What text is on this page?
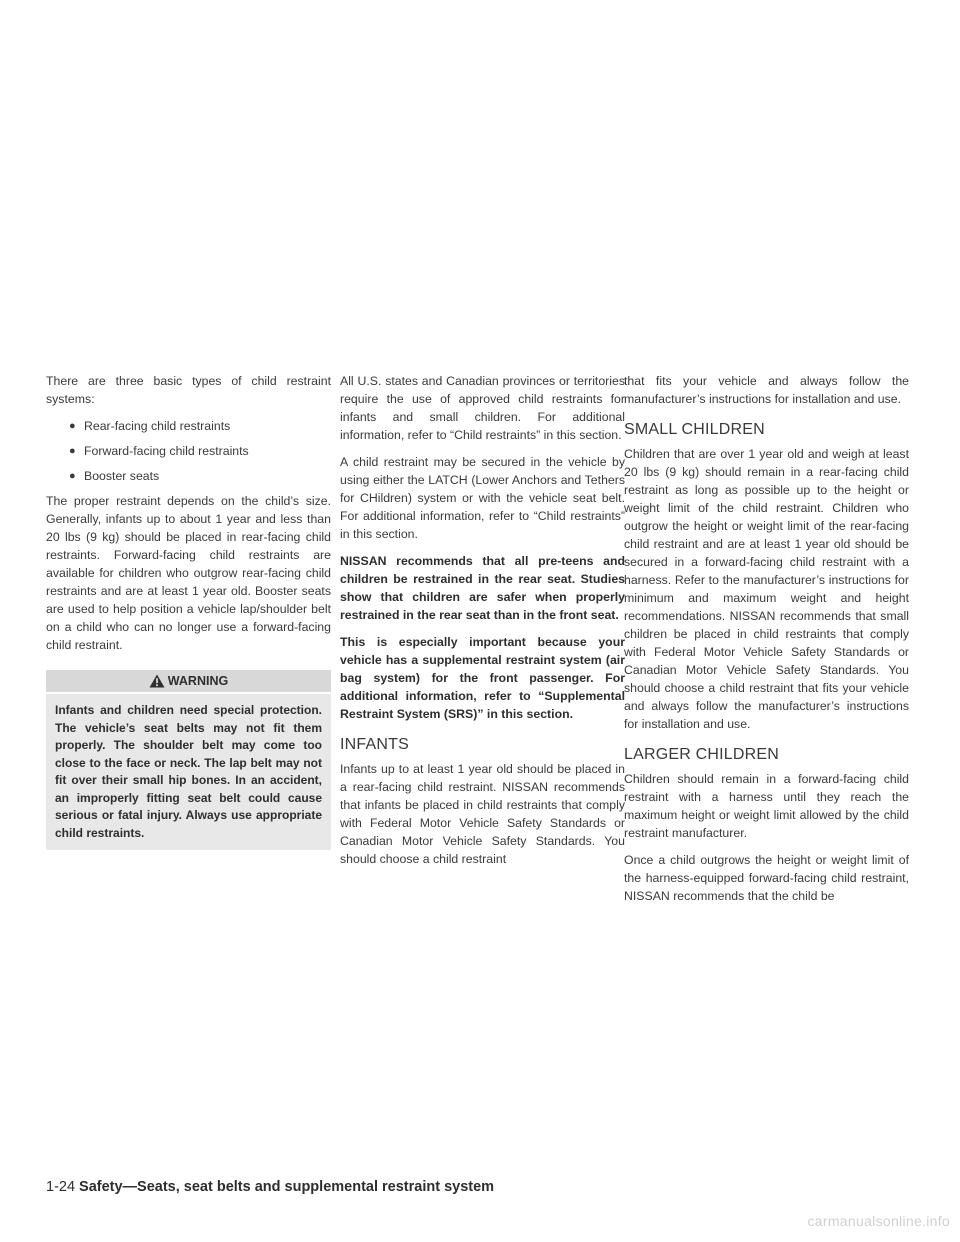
There are three basic types of child restraint systems:

● Rear-facing child restraints
● Forward-facing child restraints
● Booster seats

The proper restraint depends on the child’s size. Generally, infants up to about 1 year and less than 20 lbs (9 kg) should be placed in rear-facing child restraints. Forward-facing child restraints are available for children who outgrow rear-facing child restraints and are at least 1 year old. Booster seats are used to help position a vehicle lap/shoulder belt on a child who can no longer use a forward-facing child restraint.

WARNING
Infants and children need special protection. The vehicle’s seat belts may not fit them properly. The shoulder belt may come too close to the face or neck. The lap belt may not fit over their small hip bones. In an accident, an improperly fitting seat belt could cause serious or fatal injury. Always use appropriate child restraints.

All U.S. states and Canadian provinces or territories require the use of approved child restraints for infants and small children. For additional information, refer to “Child restraints” in this section.

A child restraint may be secured in the vehicle by using either the LATCH (Lower Anchors and Tethers for CHildren) system or with the vehicle seat belt. For additional information, refer to “Child restraints” in this section.

NISSAN recommends that all pre-teens and children be restrained in the rear seat. Studies show that children are safer when properly restrained in the rear seat than in the front seat.

This is especially important because your vehicle has a supplemental restraint system (air bag system) for the front passenger. For additional information, refer to “Supplemental Restraint System (SRS)” in this section.

INFANTS

Infants up to at least 1 year old should be placed in a rear-facing child restraint. NISSAN recommends that infants be placed in child restraints that comply with Federal Motor Vehicle Safety Standards or Canadian Motor Vehicle Safety Standards. You should choose a child restraint

that fits your vehicle and always follow the manufacturer’s instructions for installation and use.

SMALL CHILDREN

Children that are over 1 year old and weigh at least 20 lbs (9 kg) should remain in a rear-facing child restraint as long as possible up to the height or weight limit of the child restraint. Children who outgrow the height or weight limit of the rear-facing child restraint and are at least 1 year old should be secured in a forward-facing child restraint with a harness. Refer to the manufacturer’s instructions for minimum and maximum weight and height recommendations. NISSAN recommends that small children be placed in child restraints that comply with Federal Motor Vehicle Safety Standards or Canadian Motor Vehicle Safety Standards. You should choose a child restraint that fits your vehicle and always follow the manufacturer’s instructions for installation and use.

LARGER CHILDREN

Children should remain in a forward-facing child restraint with a harness until they reach the maximum height or weight limit allowed by the child restraint manufacturer.

Once a child outgrows the height or weight limit of the harness-equipped forward-facing child restraint, NISSAN recommends that the child be

1-24 Safety—Seats, seat belts and supplemental restraint system
carmanualsonline.info
